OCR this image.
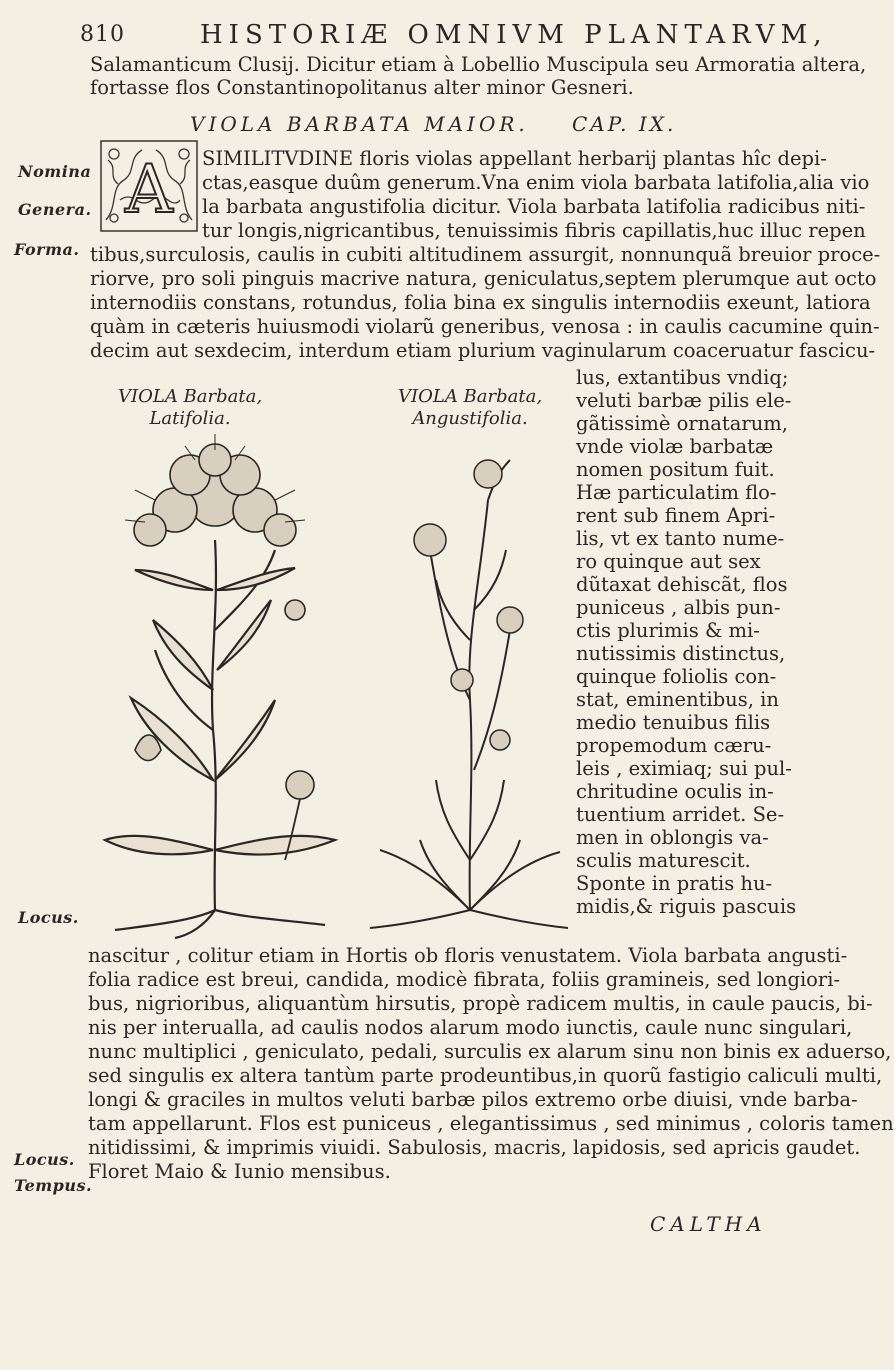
810	HISTORIÆ OMNIVM PLANTARVM,
Salamanticum Clusij. Dicitur etiam à Lobellio Muscipula seu Armoratia altera,
fortasse flos Constantinopolitanus alter minor Gesneri.
VIOLA BARBATA MAIOR. CAP. IX.
Nomina
Genera.
Forma.
Locus.
Locus.
Tempus.
A SIMILITVDINE floris violas appellant herbarij plantas hîc depi-
ctas,easque duûm generum.Vna enim viola barbata latifolia,alia vio
la barbata angustifolia dicitur. Viola barbata latifolia radicibus niti-
tur longis,nigricantibus, tenuissimis fibris capillatis,huc illuc repen
tibus,surculosis, caulis in cubiti altitudinem assurgit, nonnunquã breuior proce-
riorve, pro soli pinguis macrive natura, geniculatus,septem plerumque aut octo
internodiis constans, rotundus, folia bina ex singulis internodiis exeunt, latiora
quàm in cæteris huiusmodi violarũ generibus, venosa : in caulis cacumine quin-
decim aut sexdecim, interdum etiam plurium vaginularum coaceruatur fascicu-
VIOLA Barbata,
Latifolia.
VIOLA Barbata,
Angustifolia.
lus, extantibus vndiq;
veluti barbæ pilis ele-
gãtissimè ornatarum,
vnde violæ barbatæ
nomen positum fuit.
Hæ particulatim flo-
rent sub finem Apri-
lis, vt ex tanto nume-
ro quinque aut sex
dũtaxat dehiscãt, flos
puniceus , albis pun-
ctis plurimis & mi-
nutissimis distinctus,
quinque foliolis con-
stat, eminentibus, in
medio tenuibus filis
propemodum cæru-
leis , eximiaq; sui pul-
chritudine oculis in-
tuentium arridet. Se-
men in oblongis va-
sculis maturescit.
Sponte in pratis hu-
midis,& riguis pascuis
nascitur , colitur etiam in Hortis ob floris venustatem. Viola barbata angusti-
folia radice est breui, candida, modicè fibrata, foliis gramineis, sed longiori-
bus, nigrioribus, aliquantùm hirsutis, propè radicem multis, in caule paucis, bi-
nis per interualla, ad caulis nodos alarum modo iunctis, caule nunc singulari,
nunc multiplici , geniculato, pedali, surculis ex alarum sinu non binis ex aduerso,
sed singulis ex altera tantùm parte prodeuntibus,in quorũ fastigio caliculi multi,
longi & graciles in multos veluti barbæ pilos extremo orbe diuisi, vnde barba-
tam appellarunt. Flos est puniceus , elegantissimus , sed minimus , coloris tamen
nitidissimi, & imprimis viuidi. Sabulosis, macris, lapidosis, sed apricis gaudet.
Floret Maio & Iunio mensibus.
CALTHA
